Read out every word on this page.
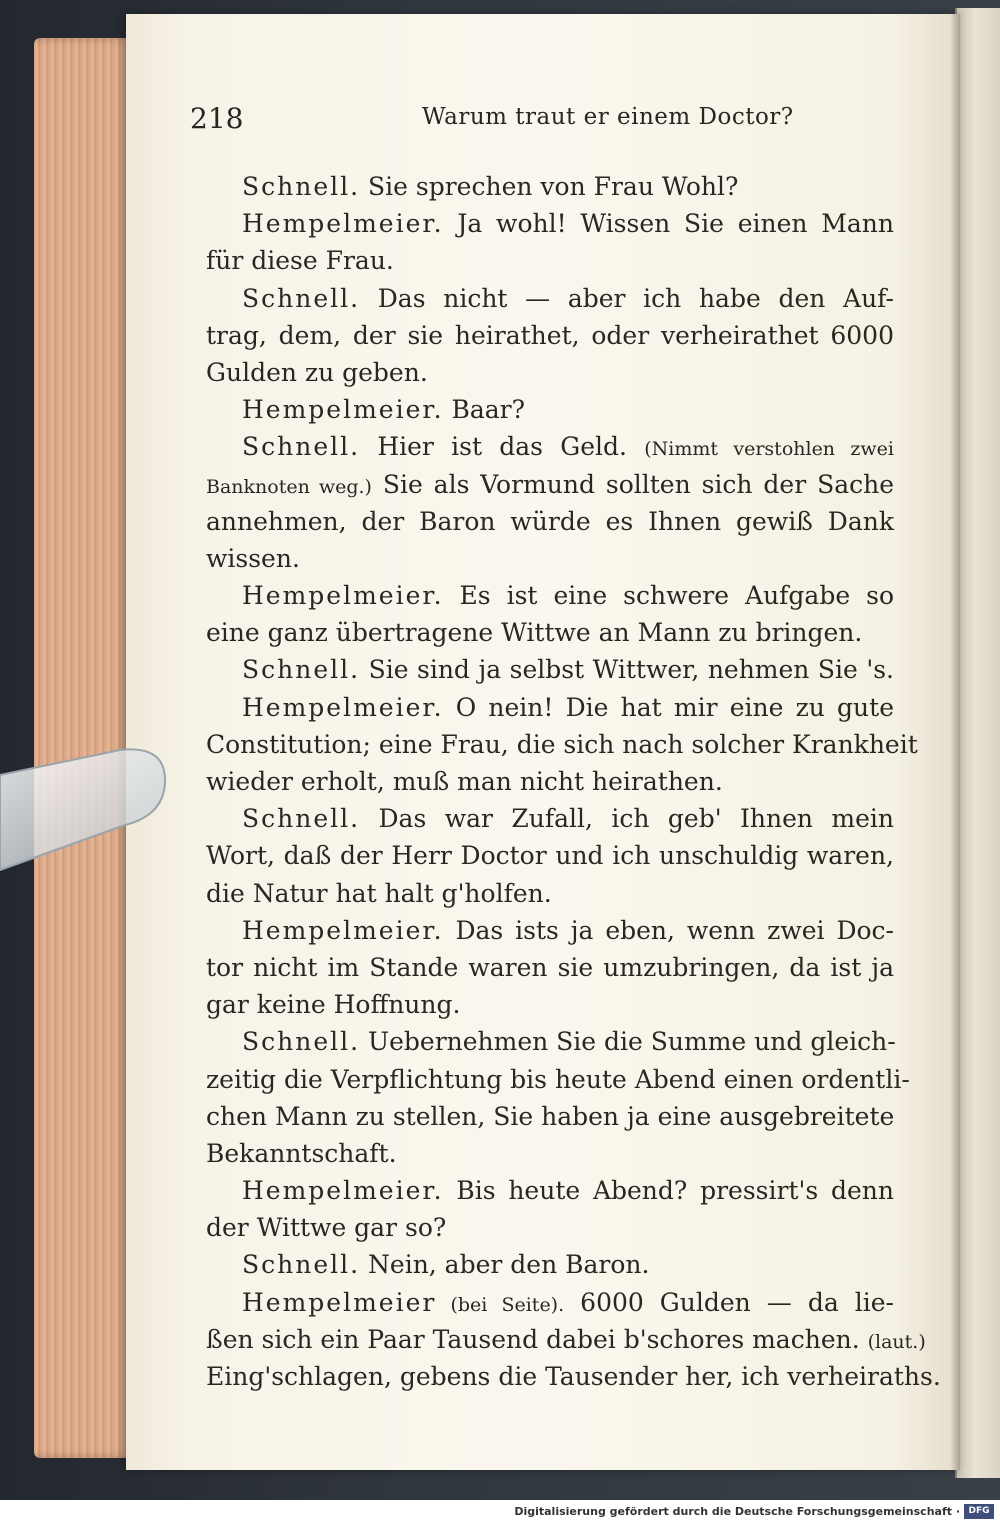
218	Warum traut er einem Doctor?
Schnell. Sie sprechen von Frau Wohl?
Hempelmeier. Ja wohl! Wissen Sie einen Mann
für diese Frau.
Schnell. Das nicht — aber ich habe den Auf-
trag, dem, der sie heirathet, oder verheirathet 6000
Gulden zu geben.
Hempelmeier. Baar?
Schnell. Hier ist das Geld. (Nimmt verstohlen zwei
Banknoten weg.) Sie als Vormund sollten sich der Sache
annehmen, der Baron würde es Ihnen gewiß Dank
wissen.
Hempelmeier. Es ist eine schwere Aufgabe so
eine ganz übertragene Wittwe an Mann zu bringen.
Schnell. Sie sind ja selbst Wittwer, nehmen Sie 's.
Hempelmeier. O nein! Die hat mir eine zu gute
Constitution; eine Frau, die sich nach solcher Krankheit
wieder erholt, muß man nicht heirathen.
Schnell. Das war Zufall, ich geb' Ihnen mein
Wort, daß der Herr Doctor und ich unschuldig waren,
die Natur hat halt g'holfen.
Hempelmeier. Das ists ja eben, wenn zwei Doc-
tor nicht im Stande waren sie umzubringen, da ist ja
gar keine Hoffnung.
Schnell. Uebernehmen Sie die Summe und gleich-
zeitig die Verpflichtung bis heute Abend einen ordentli-
chen Mann zu stellen, Sie haben ja eine ausgebreitete
Bekanntschaft.
Hempelmeier. Bis heute Abend? pressirt's denn
der Wittwe gar so?
Schnell. Nein, aber den Baron.
Hempelmeier (bei Seite). 6000 Gulden — da lie-
ßen sich ein Paar Tausend dabei b'schores machen. (laut.)
Eing'schlagen, gebens die Tausender her, ich verheiraths.
Digitalisierung gefördert durch die Deutsche Forschungsgemeinschaft · DFG
